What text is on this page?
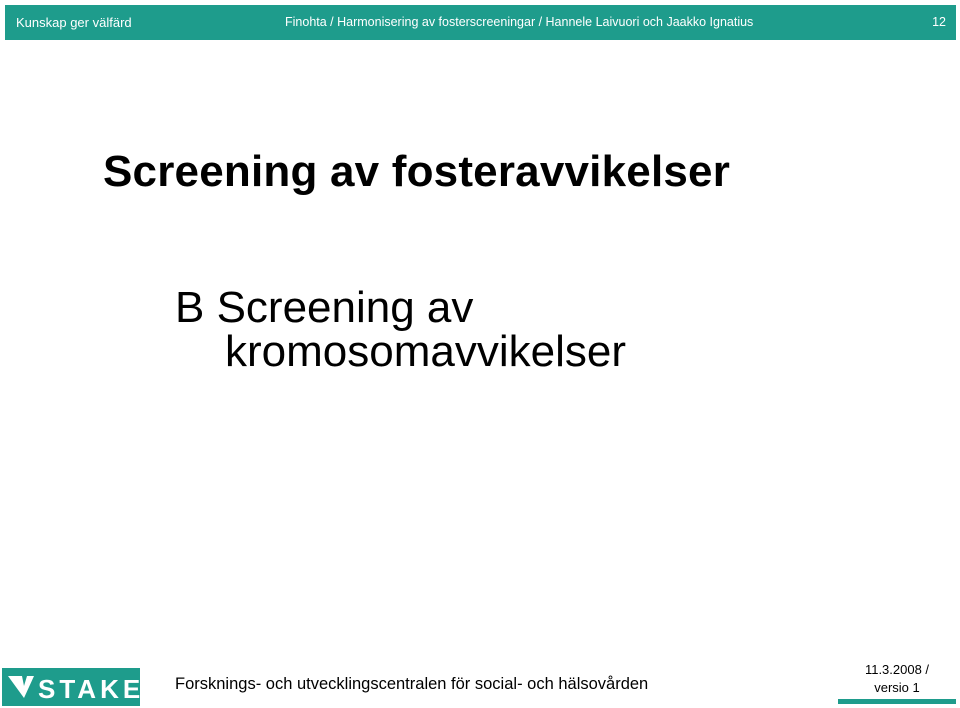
Kunskap ger välfärd	Finohta / Harmonisering av fosterscreeningar / Hannele Laivuori och Jaakko Ignatius	12
Screening av fosteravvikelser
B Screening av
kromosomavvikelser
STAKES Forsknings- och utvecklingscentralen för social- och hälsovården
11.3.2008 /
versio 1
